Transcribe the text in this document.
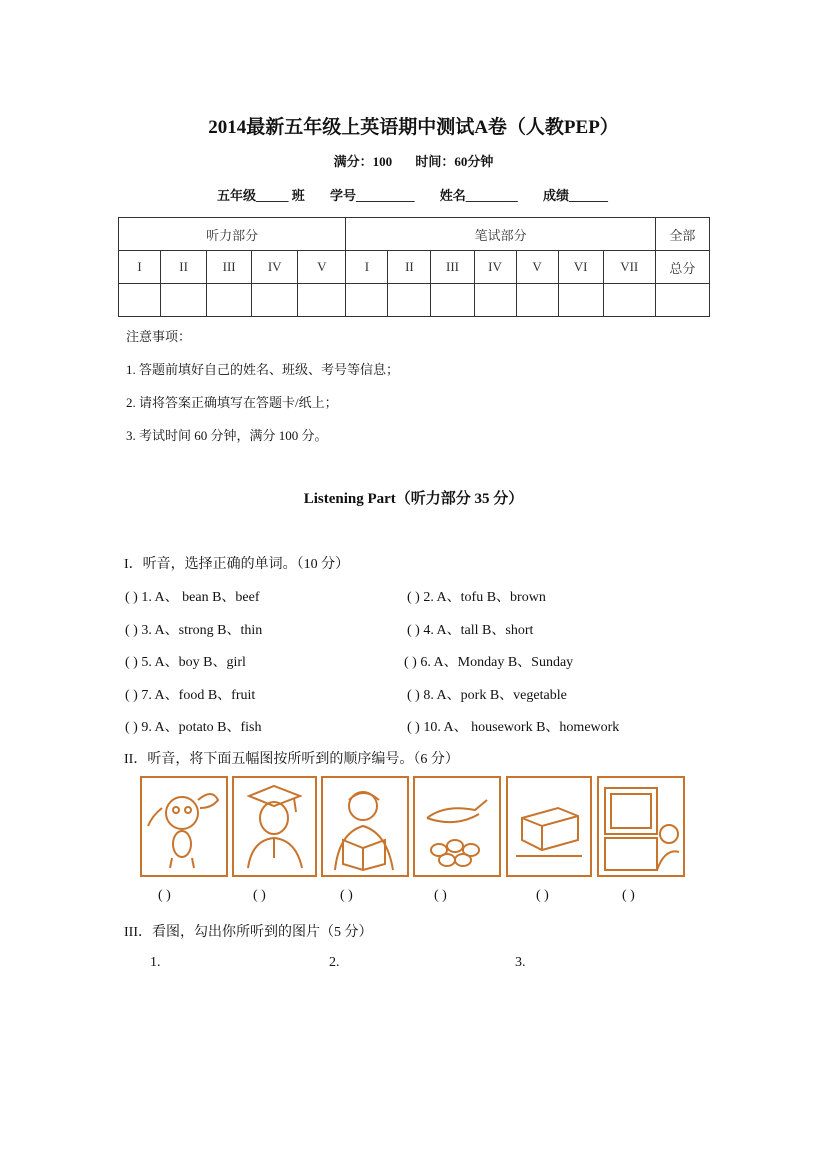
2014最新五年级上英语期中测试A卷（人教PEP）
满分：100 时间：60分钟
五年级_____ 班 学号_________ 姓名________ 成绩______
听力部分					笔试部分							全部
I	II	III	IV	V	I	II	III	IV	V	VI	VII	总分

注意事项：
1. 答题前填好自己的姓名、班级、考号等信息；
2. 请将答案正确填写在答题卡/纸上；
3. 考试时间 60 分钟，满分 100 分。
Listening Part（听力部分 35 分）
I．听音，选择正确的单词。（10 分）
( ) 1. A、 bean B、beef	( ) 2. A、tofu B、brown
( ) 3. A、strong B、thin	( ) 4. A、tall B、short
( ) 5. A、boy B、girl	( ) 6. A、Monday B、Sunday
( ) 7. A、food B、fruit	( ) 8. A、pork B、vegetable
( ) 9. A、potato B、fish	( ) 10. A、 housework B、homework
II．听音，将下面五幅图按所听到的顺序编号。（6 分）
( )	( )	( )	( )	( )	( )
III．看图，勾出你所听到的图片（5 分）
1.	2.	3.
